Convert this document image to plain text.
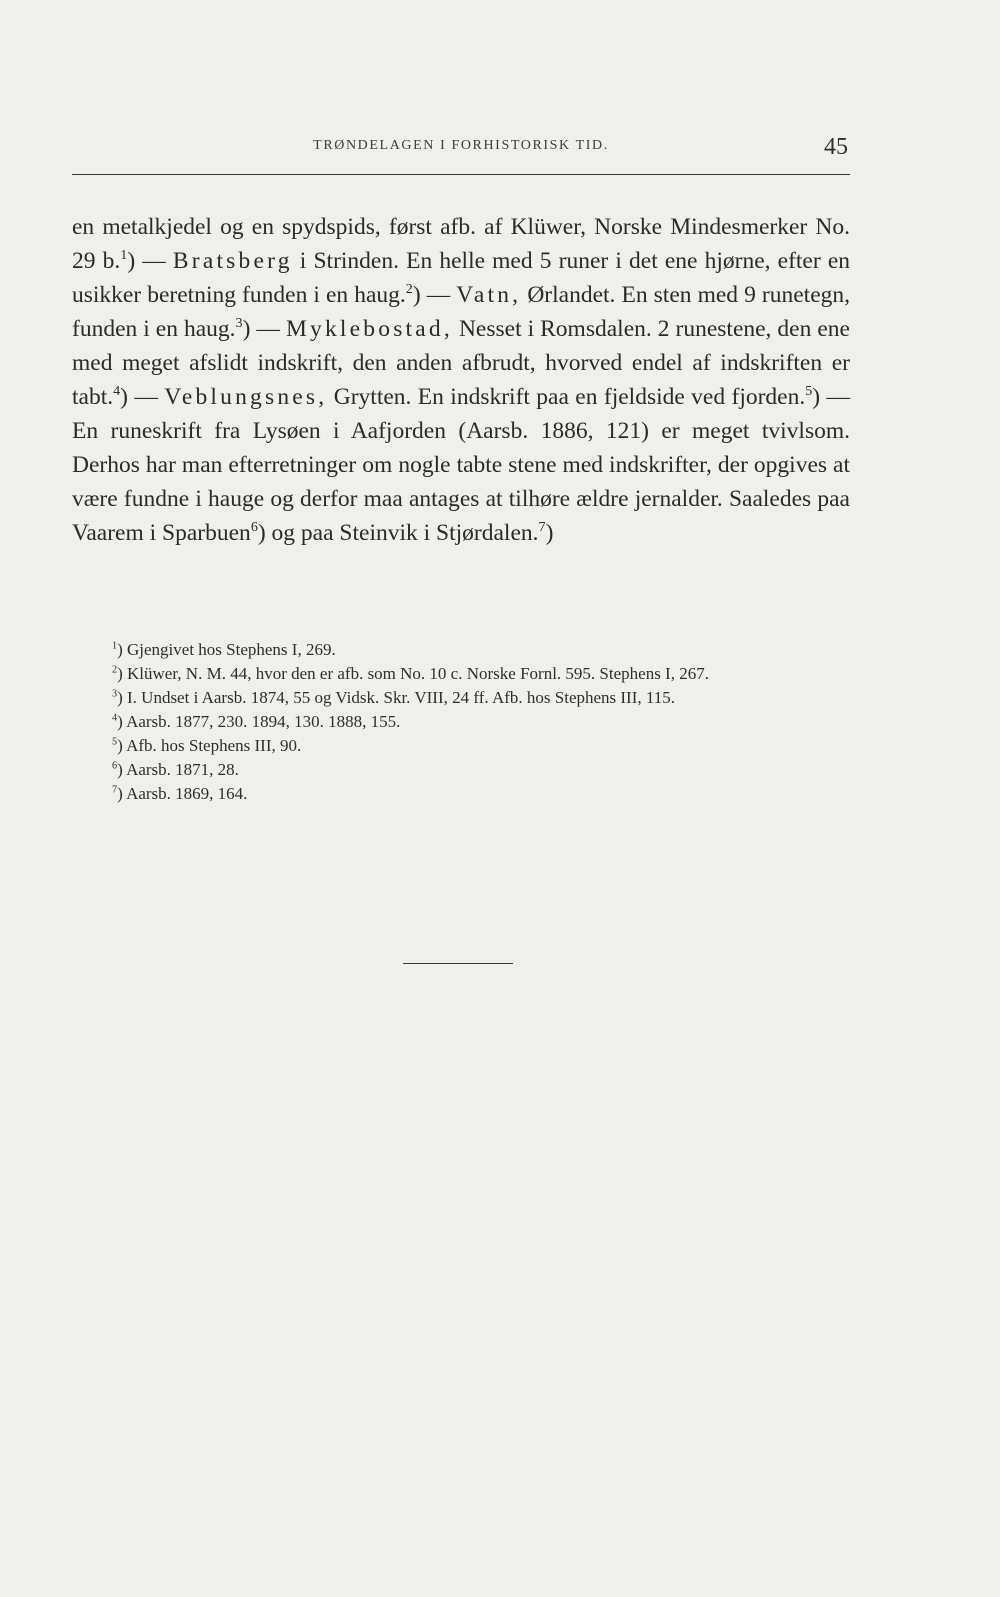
TRØNDELAGEN I FORHISTORISK TID.	45

en metalkjedel og en spydspids, først afb. af Klüwer, Norske Mindesmerker No. 29 b.$^1$) — Bratsberg i Strinden. En helle med 5 runer i det ene hjørne, efter en usikker beretning funden i en haug.$^2$) — Vatn, Ørlandet. En sten med 9 runetegn, funden i en haug.$^3$) — Myklebostad, Nesset i Romsdalen. 2 runestene, den ene med meget afslidt indskrift, den anden afbrudt, hvorved endel af indskriften er tabt.$^4$) — Veblungsnes, Grytten. En indskrift paa en fjeldside ved fjorden.$^5$) — En runeskrift fra Lysøen i Aafjorden (Aarsb. 1886, 121) er meget tvivlsom. Derhos har man efterretninger om nogle tabte stene med indskrifter, der opgives at være fundne i hauge og derfor maa antages at tilhøre ældre jernalder. Saaledes paa Vaarem i Sparbuen$^6$) og paa Steinvik i Stjørdalen.$^7$)

$^1$) Gjengivet hos Stephens I, 269.

$^2$) Klüwer, N. M. 44, hvor den er afb. som No. 10 c. Norske Fornl. 595. Stephens I, 267.

$^3$) I. Undset i Aarsb. 1874, 55 og Vidsk. Skr. VIII, 24 ff. Afb. hos Stephens III, 115.

$^4$) Aarsb. 1877, 230. 1894, 130. 1888, 155.

$^5$) Afb. hos Stephens III, 90.

$^6$) Aarsb. 1871, 28.

$^7$) Aarsb. 1869, 164.
